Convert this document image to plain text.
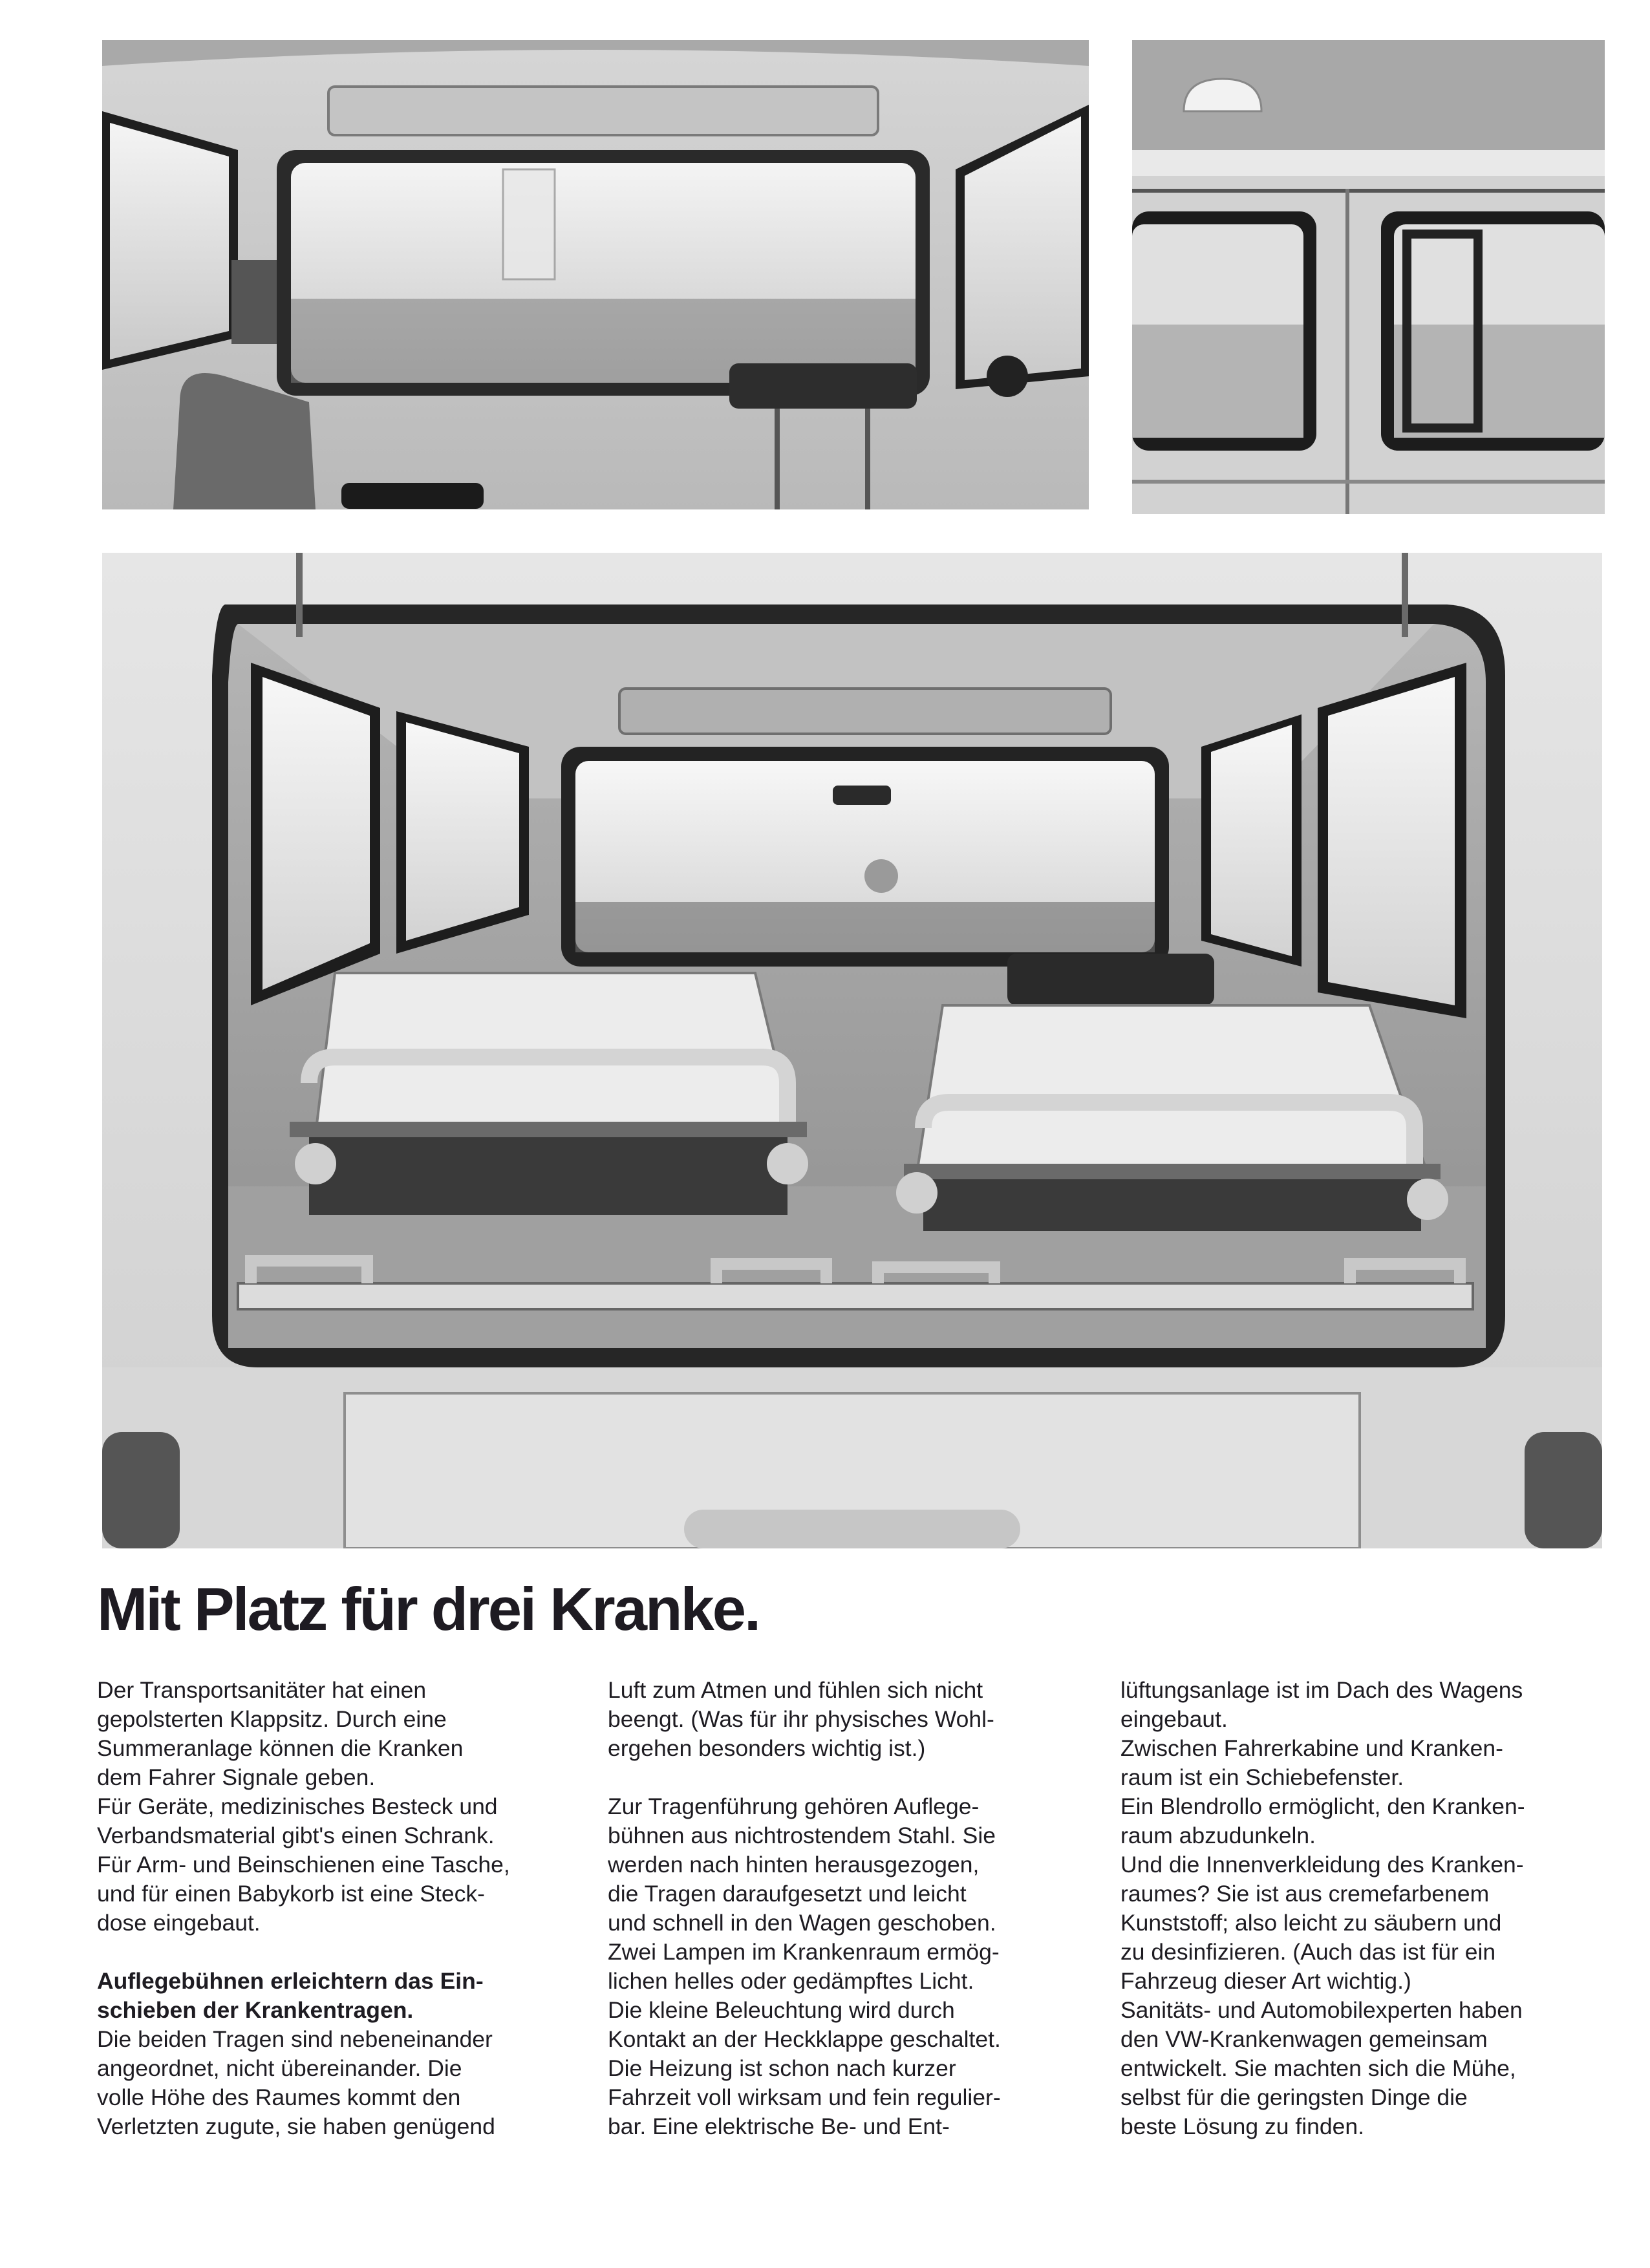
Mit Platz für drei Kranke.

Der Transportsanitäter hat einen
gepolsterten Klappsitz. Durch eine
Summeranlage können die Kranken
dem Fahrer Signale geben.
Für Geräte, medizinisches Besteck und
Verbandsmaterial gibt's einen Schrank.
Für Arm- und Beinschienen eine Tasche,
und für einen Babykorb ist eine Steck-
dose eingebaut.

Auflegebühnen erleichtern das Ein-
schieben der Krankentragen.
Die beiden Tragen sind nebeneinander
angeordnet, nicht übereinander. Die
volle Höhe des Raumes kommt den
Verletzten zugute, sie haben genügend

Luft zum Atmen und fühlen sich nicht
beengt. (Was für ihr physisches Wohl-
ergehen besonders wichtig ist.)

Zur Tragenführung gehören Auflege-
bühnen aus nichtrostendem Stahl. Sie
werden nach hinten herausgezogen,
die Tragen daraufgesetzt und leicht
und schnell in den Wagen geschoben.
Zwei Lampen im Krankenraum ermög-
lichen helles oder gedämpftes Licht.
Die kleine Beleuchtung wird durch
Kontakt an der Heckklappe geschaltet.
Die Heizung ist schon nach kurzer
Fahrzeit voll wirksam und fein regulier-
bar. Eine elektrische Be- und Ent-

lüftungsanlage ist im Dach des Wagens
eingebaut.
Zwischen Fahrerkabine und Kranken-
raum ist ein Schiebefenster.
Ein Blendrollo ermöglicht, den Kranken-
raum abzudunkeln.
Und die Innenverkleidung des Kranken-
raumes? Sie ist aus cremefarbenem
Kunststoff; also leicht zu säubern und
zu desinfizieren. (Auch das ist für ein
Fahrzeug dieser Art wichtig.)
Sanitäts- und Automobilexperten haben
den VW-Krankenwagen gemeinsam
entwickelt. Sie machten sich die Mühe,
selbst für die geringsten Dinge die
beste Lösung zu finden.
